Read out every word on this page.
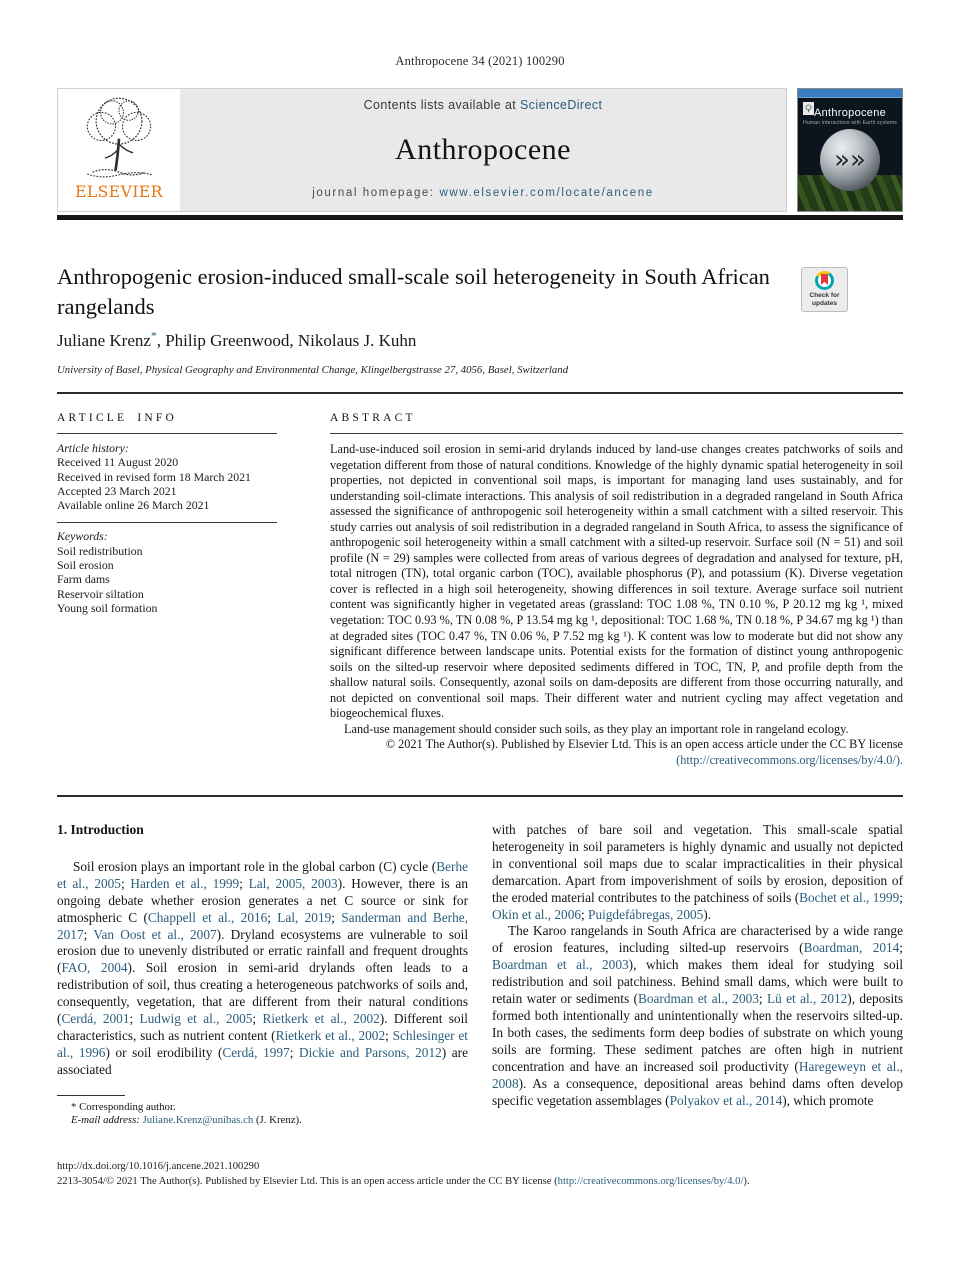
Anthropocene 34 (2021) 100290
ELSEVIER
Contents lists available at ScienceDirect
Anthropocene
journal homepage: www.elsevier.com/locate/ancene
Anthropocene
Human interactions with Earth systems
»»
Anthropogenic erosion-induced small-scale soil heterogeneity in South African rangelands	Check for
updates
Juliane Krenz*, Philip Greenwood, Nikolaus J. Kuhn
University of Basel, Physical Geography and Environmental Change, Klingelbergstrasse 27, 4056, Basel, Switzerland
ARTICLE INFO
Article history:
Received 11 August 2020
Received in revised form 18 March 2021
Accepted 23 March 2021
Available online 26 March 2021
Keywords:
Soil redistribution
Soil erosion
Farm dams
Reservoir siltation
Young soil formation
ABSTRACT
Land-use-induced soil erosion in semi-arid drylands induced by land-use changes creates patchworks of soils and vegetation different from those of natural conditions. Knowledge of the highly dynamic spatial heterogeneity in soil properties, not depicted in conventional soil maps, is important for managing land uses sustainably, and for understanding soil-climate interactions. This analysis of soil redistribution in a degraded rangeland in South Africa assessed the significance of anthropogenic soil heterogeneity within a small catchment with a silted reservoir. This study carries out analysis of soil redistribution in a degraded rangeland in South Africa, to assess the significance of anthropogenic soil heterogeneity within a small catchment with a silted-up reservoir. Surface soil (N = 51) and soil profile (N = 29) samples were collected from areas of various degrees of degradation and analysed for texture, pH, total nitrogen (TN), total organic carbon (TOC), available phosphorus (P), and potassium (K). Diverse vegetation cover is reflected in a high soil heterogeneity, showing differences in soil texture. Average surface soil nutrient content was significantly higher in vegetated areas (grassland: TOC 1.08 %, TN 0.10 %, P 20.12 mg kg ¹, mixed vegetation: TOC 0.93 %, TN 0.08 %, P 13.54 mg kg ¹, depositional: TOC 1.68 %, TN 0.18 %, P 34.67 mg kg ¹) than at degraded sites (TOC 0.47 %, TN 0.06 %, P 7.52 mg kg ¹). K content was low to moderate but did not show any significant difference between landscape units. Potential exists for the formation of distinct young anthropogenic soils on the silted-up reservoir where deposited sediments differed in TOC, TN, P, and profile depth from the shallow natural soils. Consequently, azonal soils on dam-deposits are different from those occurring naturally, and not depicted on conventional soil maps. Their different water and nutrient cycling may affect vegetation and biogeochemical fluxes.
Land-use management should consider such soils, as they play an important role in rangeland ecology.
© 2021 The Author(s). Published by Elsevier Ltd. This is an open access article under the CC BY license (http://creativecommons.org/licenses/by/4.0/).
1. Introduction
Soil erosion plays an important role in the global carbon (C) cycle (Berhe et al., 2005; Harden et al., 1999; Lal, 2005, 2003). However, there is an ongoing debate whether erosion generates a net C source or sink for atmospheric C (Chappell et al., 2016; Lal, 2019; Sanderman and Berhe, 2017; Van Oost et al., 2007). Dryland ecosystems are vulnerable to soil erosion due to unevenly distributed or erratic rainfall and frequent droughts (FAO, 2004). Soil erosion in semi-arid drylands often leads to a redistribution of soil, thus creating a heterogeneous patchworks of soils and, consequently, vegetation, that are different from their natural conditions (Cerdá, 2001; Ludwig et al., 2005; Rietkerk et al., 2002). Different soil characteristics, such as nutrient content (Rietkerk et al., 2002; Schlesinger et al., 1996) or soil erodibility (Cerdá, 1997; Dickie and Parsons, 2012) are associated
* Corresponding author.
E-mail address: Juliane.Krenz@unibas.ch (J. Krenz).
with patches of bare soil and vegetation. This small-scale spatial heterogeneity in soil parameters is highly dynamic and usually not depicted in conventional soil maps due to scalar impracticalities in their physical demarcation. Apart from impoverishment of soils by erosion, deposition of the eroded material contributes to the patchiness of soils (Bochet et al., 1999; Okin et al., 2006; Puigdefábregas, 2005).
The Karoo rangelands in South Africa are characterised by a wide range of erosion features, including silted-up reservoirs (Boardman, 2014; Boardman et al., 2003), which makes them ideal for studying soil redistribution and soil patchiness. Behind small dams, which were built to retain water or sediments (Boardman et al., 2003; Lü et al., 2012), deposits formed both intentionally and unintentionally when the reservoirs silted-up. In both cases, the sediments form deep bodies of substrate on which young soils are forming. These sediment patches are often high in nutrient concentration and have an increased soil productivity (Haregeweyn et al., 2008). As a consequence, depositional areas behind dams often develop specific vegetation assemblages (Polyakov et al., 2014), which promote
http://dx.doi.org/10.1016/j.ancene.2021.100290
2213-3054/© 2021 The Author(s). Published by Elsevier Ltd. This is an open access article under the CC BY license (http://creativecommons.org/licenses/by/4.0/).
